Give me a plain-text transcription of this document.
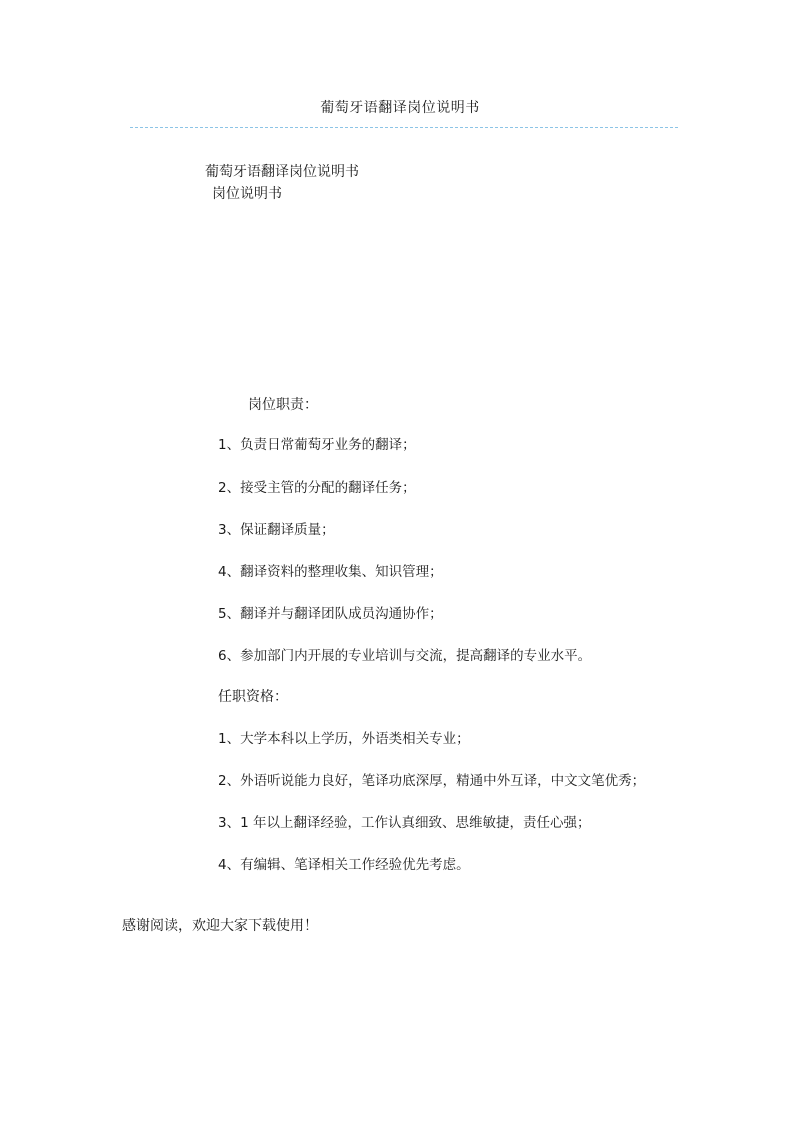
葡萄牙语翻译岗位说明书
葡萄牙语翻译岗位说明书
岗位说明书
岗位职责：
1、负责日常葡萄牙业务的翻译；
2、接受主管的分配的翻译任务；
3、保证翻译质量；
4、翻译资料的整理收集、知识管理；
5、翻译并与翻译团队成员沟通协作；
6、参加部门内开展的专业培训与交流，提高翻译的专业水平。
任职资格：
1、大学本科以上学历，外语类相关专业；
2、外语听说能力良好，笔译功底深厚，精通中外互译，中文文笔优秀；
3、1 年以上翻译经验，工作认真细致、思维敏捷，责任心强；
4、有编辑、笔译相关工作经验优先考虑。
感谢阅读，欢迎大家下载使用！
